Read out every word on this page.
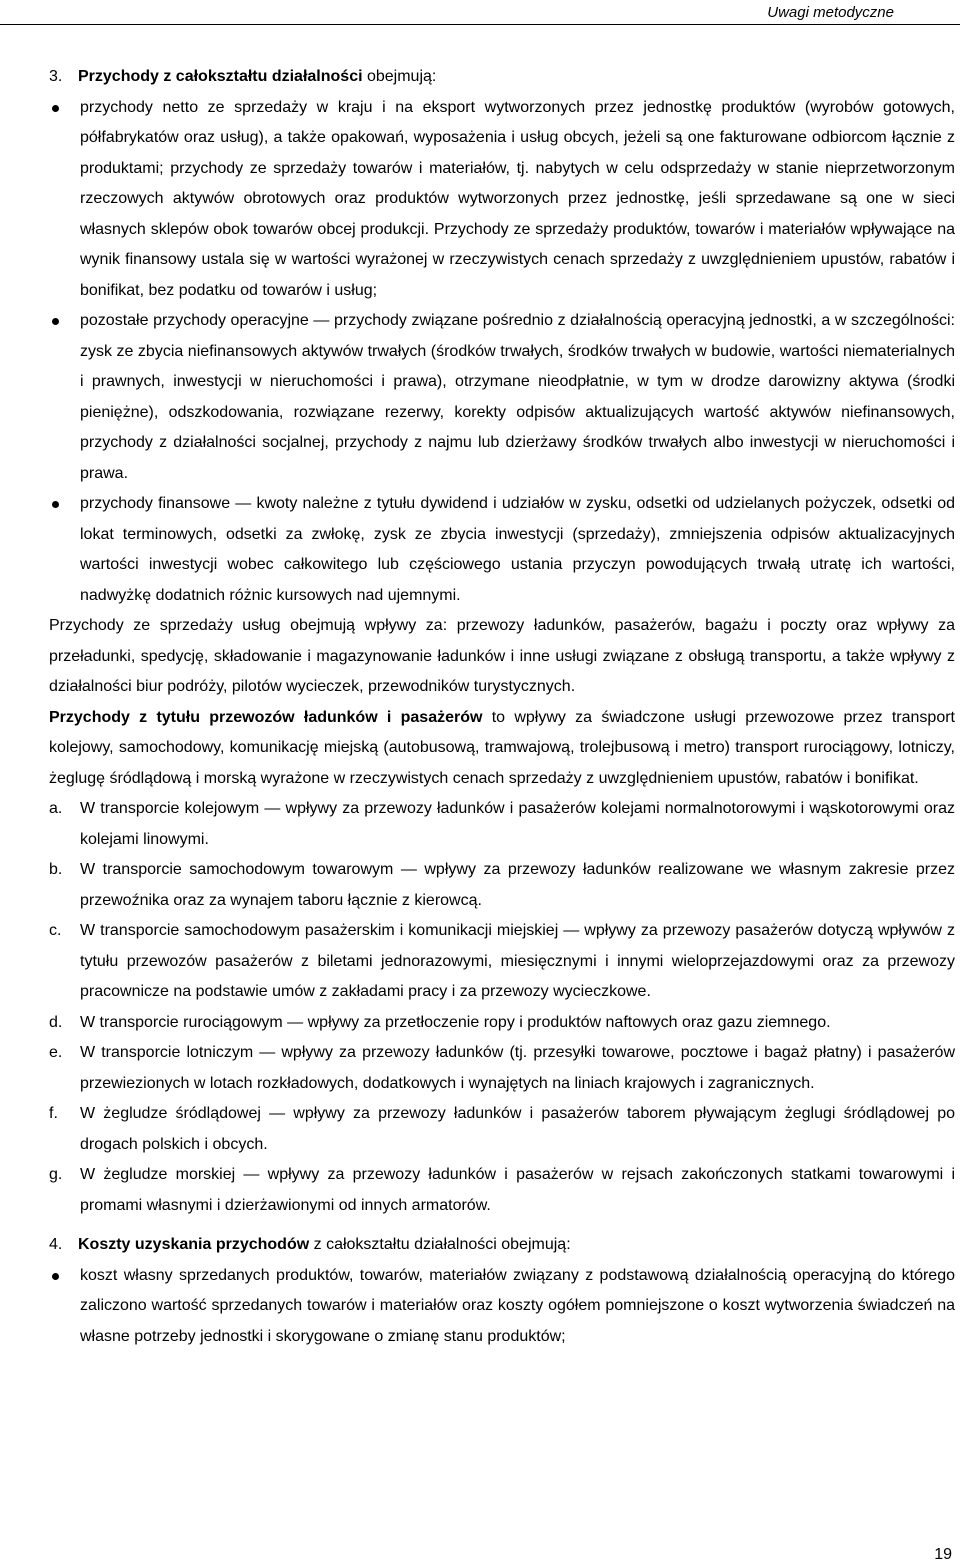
Uwagi metodyczne
3. Przychody z całokształtu działalności obejmują:
przychody netto ze sprzedaży w kraju i na eksport wytworzonych przez jednostkę produktów (wyrobów gotowych, półfabrykatów oraz usług), a także opakowań, wyposażenia i usług obcych, jeżeli są one fakturowane odbiorcom łącznie z produktami; przychody ze sprzedaży towarów i materiałów, tj. nabytych w celu odsprzedaży w stanie nieprzetworzonym rzeczowych aktywów obrotowych oraz produktów wytworzonych przez jednostkę, jeśli sprzedawane są one w sieci własnych sklepów obok towarów obcej produkcji. Przychody ze sprzedaży produktów, towarów i materiałów wpływające na wynik finansowy ustala się w wartości wyrażonej w rzeczywistych cenach sprzedaży z uwzględnieniem upustów, rabatów i bonifikat, bez podatku od towarów i usług;
pozostałe przychody operacyjne — przychody związane pośrednio z działalnością operacyjną jednostki, a w szczególności: zysk ze zbycia niefinansowych aktywów trwałych (środków trwałych, środków trwałych w budowie, wartości niematerialnych i prawnych, inwestycji w nieruchomości i prawa), otrzymane nieodpłatnie, w tym w drodze darowizny aktywa (środki pieniężne), odszkodowania, rozwiązane rezerwy, korekty odpisów aktualizujących wartość aktywów niefinansowych, przychody z działalności socjalnej, przychody z najmu lub dzierżawy środków trwałych albo inwestycji w nieruchomości i prawa.
przychody finansowe — kwoty należne z tytułu dywidend i udziałów w zysku, odsetki od udzielanych pożyczek, odsetki od lokat terminowych, odsetki za zwłokę, zysk ze zbycia inwestycji (sprzedaży), zmniejszenia odpisów aktualizacyjnych wartości inwestycji wobec całkowitego lub częściowego ustania przyczyn powodujących trwałą utratę ich wartości, nadwyżkę dodatnich różnic kursowych nad ujemnymi.

Przychody ze sprzedaży usług obejmują wpływy za: przewozy ładunków, pasażerów, bagażu i poczty oraz wpływy za przeładunki, spedycję, składowanie i magazynowanie ładunków i inne usługi związane z obsługą transportu, a także wpływy z działalności biur podróży, pilotów wycieczek, przewodników turystycznych.

Przychody z tytułu przewozów ładunków i pasażerów to wpływy za świadczone usługi przewozowe przez transport kolejowy, samochodowy, komunikację miejską (autobusową, tramwajową, trolejbusową i metro) transport rurociągowy, lotniczy, żeglugę śródlądową i morską wyrażone w rzeczywistych cenach sprzedaży z uwzględnieniem upustów, rabatów i bonifikat.

a.	W transporcie kolejowym — wpływy za przewozy ładunków i pasażerów kolejami normalnotorowymi i wąskotorowymi oraz kolejami linowymi.
b.	W transporcie samochodowym towarowym — wpływy za przewozy ładunków realizowane we własnym zakresie przez przewoźnika oraz za wynajem taboru łącznie z kierowcą.
c.	W transporcie samochodowym pasażerskim i komunikacji miejskiej — wpływy za przewozy pasażerów dotyczą wpływów z tytułu przewozów pasażerów z biletami jednorazowymi, miesięcznymi i innymi wieloprzejazdowymi oraz za przewozy pracownicze na podstawie umów z zakładami pracy i za przewozy wycieczkowe.
d.	W transporcie rurociągowym — wpływy za przetłoczenie ropy i produktów naftowych oraz gazu ziemnego.
e.	W transporcie lotniczym — wpływy za przewozy ładunków (tj. przesyłki towarowe, pocztowe i bagaż płatny) i pasażerów przewiezionych w lotach rozkładowych, dodatkowych i wynajętych na liniach krajowych i zagranicznych.
f.	W żegludze śródlądowej — wpływy za przewozy ładunków i pasażerów taborem pływającym żeglugi śródlądowej po drogach polskich i obcych.
g.	W żegludze morskiej — wpływy za przewozy ładunków i pasażerów w rejsach zakończonych statkami towarowymi i promami własnymi i dzierżawionymi od innych armatorów.
4. Koszty uzyskania przychodów z całokształtu działalności obejmują:
koszt własny sprzedanych produktów, towarów, materiałów związany z podstawową działalnością operacyjną do którego zaliczono wartość sprzedanych towarów i materiałów oraz koszty ogółem pomniejszone o koszt wytworzenia świadczeń na własne potrzeby jednostki i skorygowane o zmianę stanu produktów;
19
